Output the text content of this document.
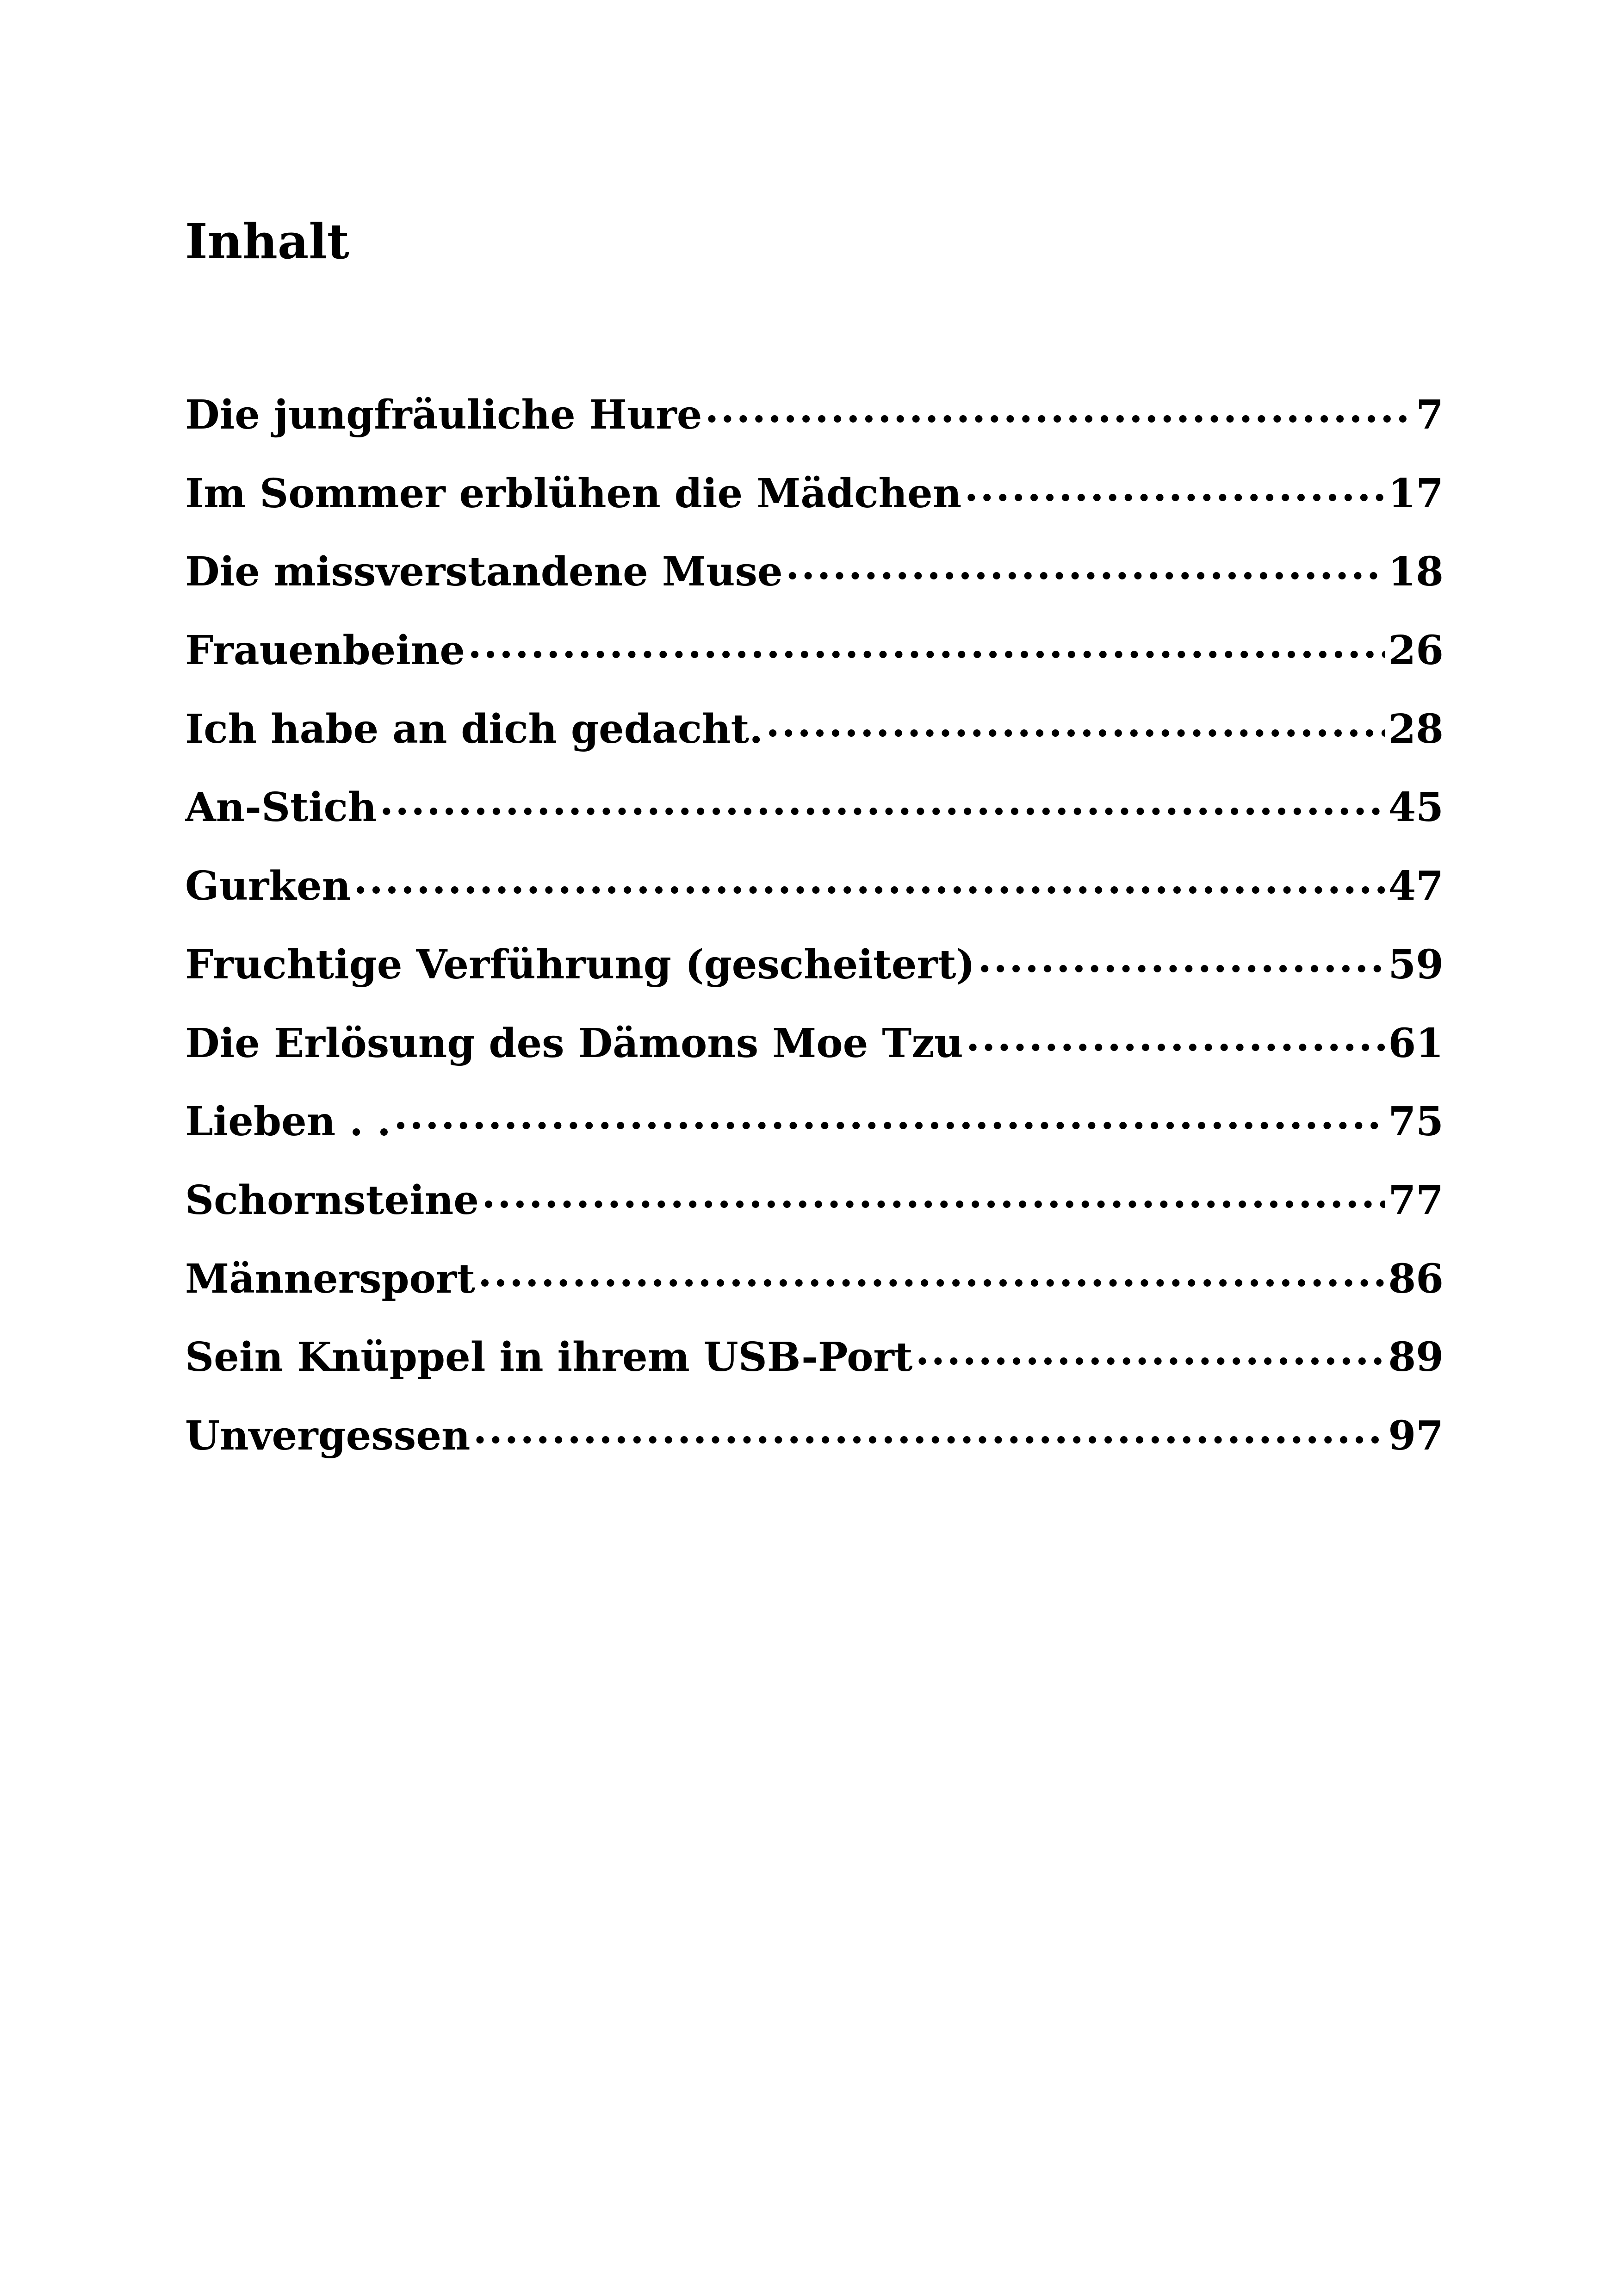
Inhalt
Die jungfräuliche Hure .....	7
Im Sommer erblühen die Mädchen .....	17
Die missverstandene Muse .....	18
Frauenbeine .....	26
Ich habe an dich gedacht. .....	28
An-Stich .....	45
Gurken .....	47
Fruchtige Verführung (gescheitert) .....	59
Die Erlösung des Dämons Moe Tzu .....	61
Lieben . . .....	75
Schornsteine .....	77
Männersport .....	86
Sein Knüppel in ihrem USB-Port .....	89
Unvergessen .....	97
